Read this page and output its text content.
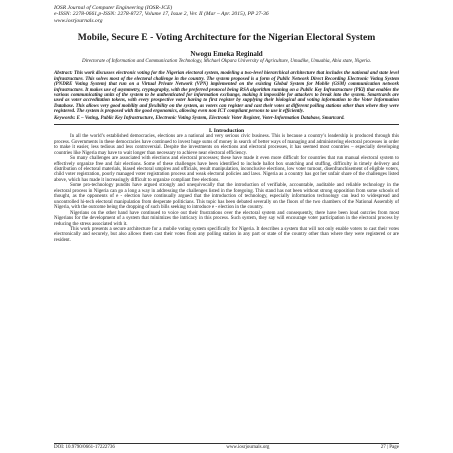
IOSR Journal of Computer Engineering (IOSR-JCE)
e-ISSN: 2278-0661,p-ISSN: 2278-8727, Volume 17, Issue 2, Ver. II (Mar – Apr. 2015), PP 27-36
www.iosrjournals.org
Mobile, Secure E - Voting Architecture for the Nigerian Electoral System
Nwogu Emeka Reginald
Directorate of Information and Communication Technology, Michael Okpara University of Agriculture, Umudike, Umuahia, Abia state, Nigeria.
Abstract: This work discusses electronic voting for the Nigerian electoral system, modeling a two-level hierarchical architecture that includes the national and state level infrastructure. This solves most of the electoral challenge in the country. The system proposed is a form of Public Network Direct Recording Electronic Voting System (PNDRE Voting System) that run on a Virtual Private Network (VPN) implemented on the existing Global System for Mobile (GSM) communication network infrastructure. It makes use of asymmetry, cryptography, with the preferred protocol being RSA algorithm running on a Public Key Infrastructure (PKI) that enables the various communicating units of the system to be authenticated for information exchange, making it impossible for attackers to break into the system. Smartcards are used as voter accreditation tokens, with every prospective voter having to first register by supplying their biological and voting information to the Voter Information Database. This allows very good mobility and flexibility on the system, as voters can register and cast their votes at different polling stations other than where they were registered. The system is proposed with the good ergonomics, allowing even non ICT compliant persons to use it efficiently.
Keywords: E – Voting, Public Key Infrastructure, Electronic Voting System, Electronic Voter Register, Voter-Information Database, Smartcard.
I. Introduction

In all the world’s established democracies, elections are a national and very serious civic business. This is because a country’s leadership is produced through this process. Governments in these democracies have continued to invest huge sums of money in search of better ways of managing and administering electoral processes in order to make it easier, less tedious and less controversial. Despite the investments on elections and electoral processes, it has seemed most countries – especially developing countries like Nigeria may have to wait longer than necessary to achieve near electoral efficiency.

So many challenges are associated with elections and electoral processes; these have made it even more difficult for countries that run manual electoral system to effectively organize free and fair elections. Some of these challenges have been identified to include ballot box snatching and stuffing, difficulty in timely delivery and distribution of electoral materials, biased electoral umpires and officials, result manipulation, inconclusive elections, low voter turnout, disenfranchisement of eligible voters, child voter registration, poorly managed voter registration process and weak electoral policies and laws. Nigeria as a country has got her unfair share of the challenges listed above, which has made it increasingly difficult to organize compliant free elections.

Some pro-technology pundits have argued strongly and unequivocally that the introduction of verifiable, accountable, auditable and reliable technology in the electoral process in Nigeria can go a long a way in addressing the challenges listed in the foregoing. This stand has not been without strong opposition from some schools of thought, as the opponents of e - election have continually argued that the introduction of technology, especially information technology can lead to widespread and uncontrolled hi-tech electoral manipulation from desperate politicians. This topic has been debated severally on the floors of the two chambers of the National Assembly of Nigeria, with the outcome being the dropping of such bills seeking to introduce e - election in the country.

Nigerians on the other hand have continued to voice out their frustrations over the electoral system and consequently, there have been loud outcries from most Nigerians for the development of a system that minimizes the intricacy in this process. Such system, they say will encourage voter participation in the electoral process by reducing the stress associated with it.

This work presents a secure architecture for a mobile voting system specifically for Nigeria. It describes a system that will not only enable voters to cast their votes electronically and securely, but also allows them cast their votes from any polling station in any part or state of the country other than where they were registered or are resident.

DOI: 10.9790/0661-17222736	www.iosrjournals.org	27 | Page
